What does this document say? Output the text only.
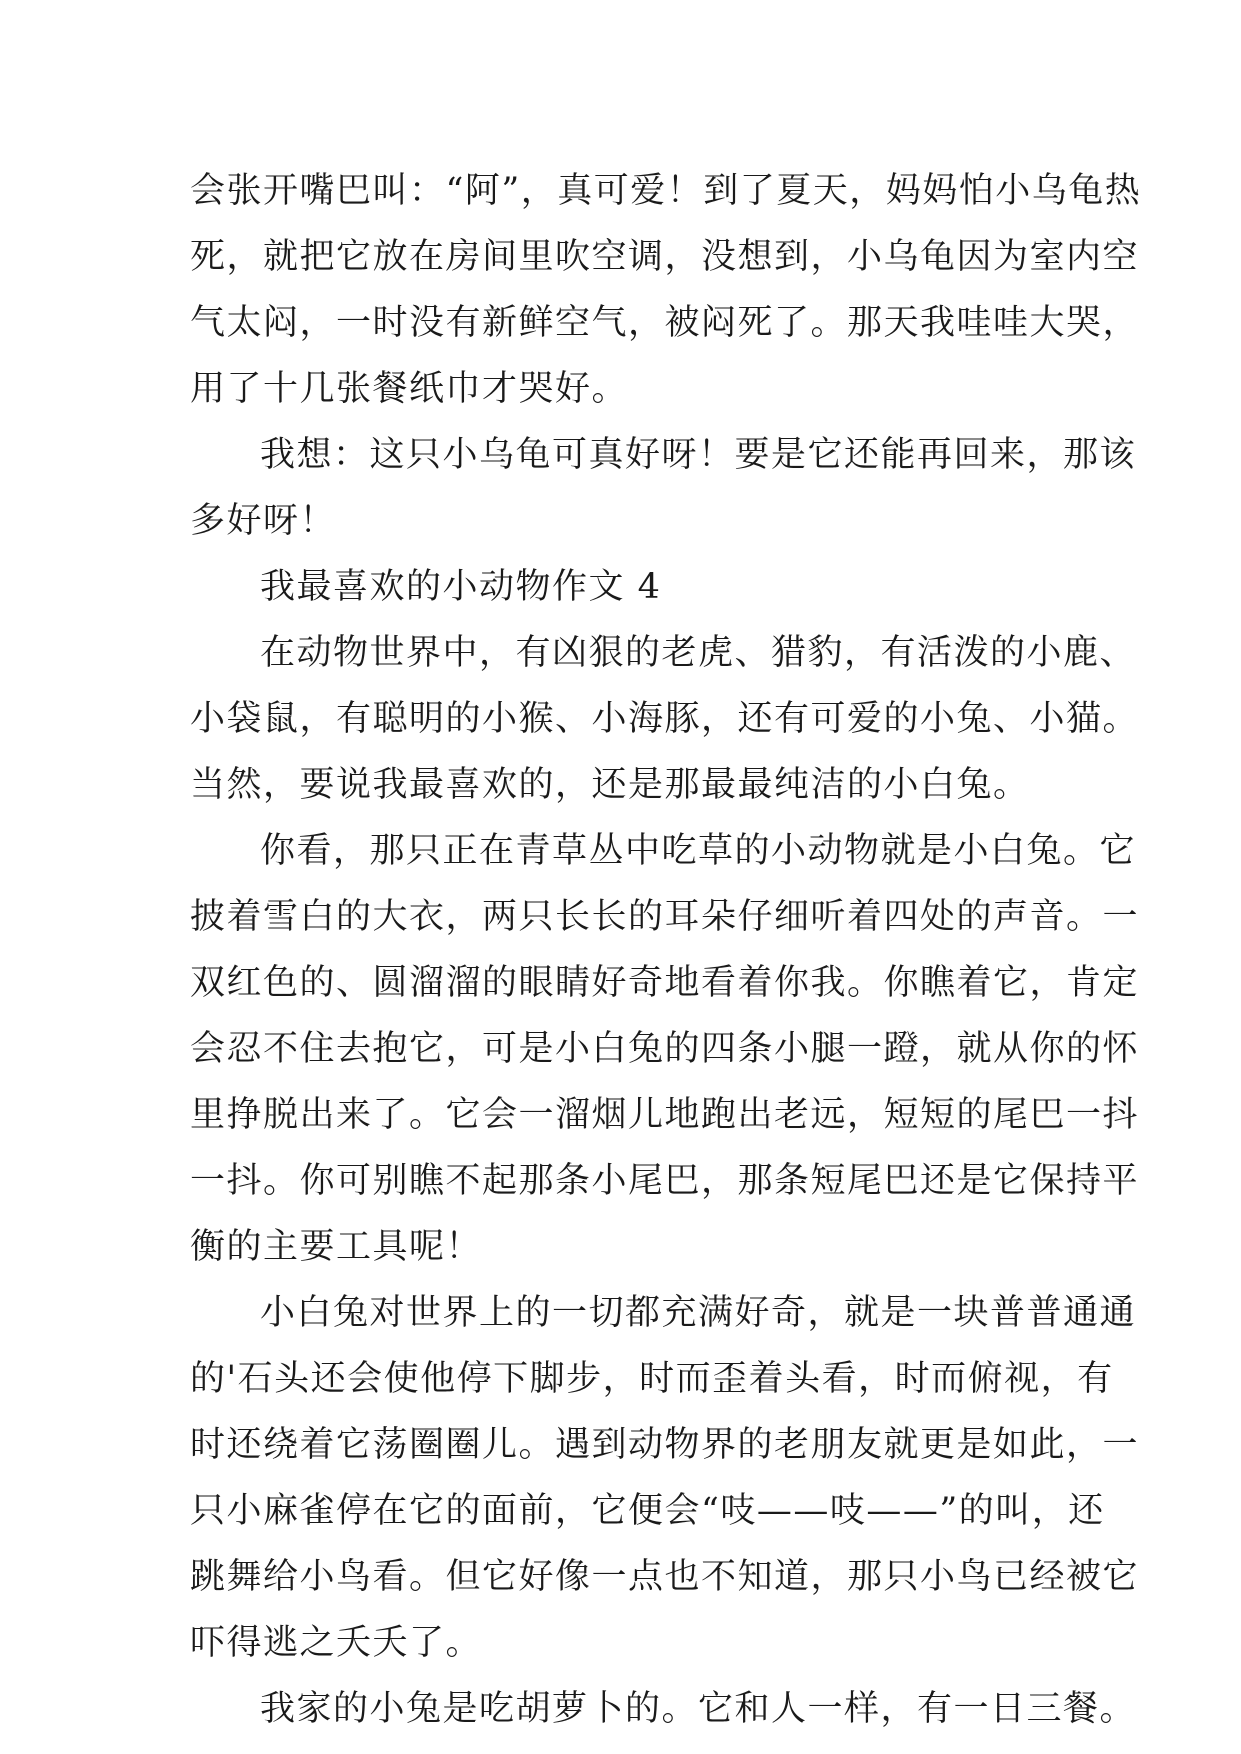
会张开嘴巴叫：“阿”，真可爱！到了夏天，妈妈怕小乌龟热
死，就把它放在房间里吹空调，没想到，小乌龟因为室内空
气太闷，一时没有新鲜空气，被闷死了。那天我哇哇大哭，
用了十几张餐纸巾才哭好。
我想：这只小乌龟可真好呀！要是它还能再回来，那该
多好呀！
我最喜欢的小动物作文 4
在动物世界中，有凶狠的老虎、猎豹，有活泼的小鹿、
小袋鼠，有聪明的小猴、小海豚，还有可爱的小兔、小猫。
当然，要说我最喜欢的，还是那最最纯洁的小白兔。
你看，那只正在青草丛中吃草的小动物就是小白兔。它
披着雪白的大衣，两只长长的耳朵仔细听着四处的声音。一
双红色的、圆溜溜的眼睛好奇地看着你我。你瞧着它，肯定
会忍不住去抱它，可是小白兔的四条小腿一蹬，就从你的怀
里挣脱出来了。它会一溜烟儿地跑出老远，短短的尾巴一抖
一抖。你可别瞧不起那条小尾巴，那条短尾巴还是它保持平
衡的主要工具呢！
小白兔对世界上的一切都充满好奇，就是一块普普通通
的'石头还会使他停下脚步，时而歪着头看，时而俯视，有
时还绕着它荡圈圈儿。遇到动物界的老朋友就更是如此，一
只小麻雀停在它的面前，它便会“吱——吱——”的叫，还
跳舞给小鸟看。但它好像一点也不知道，那只小鸟已经被它
吓得逃之夭夭了。
我家的小兔是吃胡萝卜的。它和人一样，有一日三餐。
